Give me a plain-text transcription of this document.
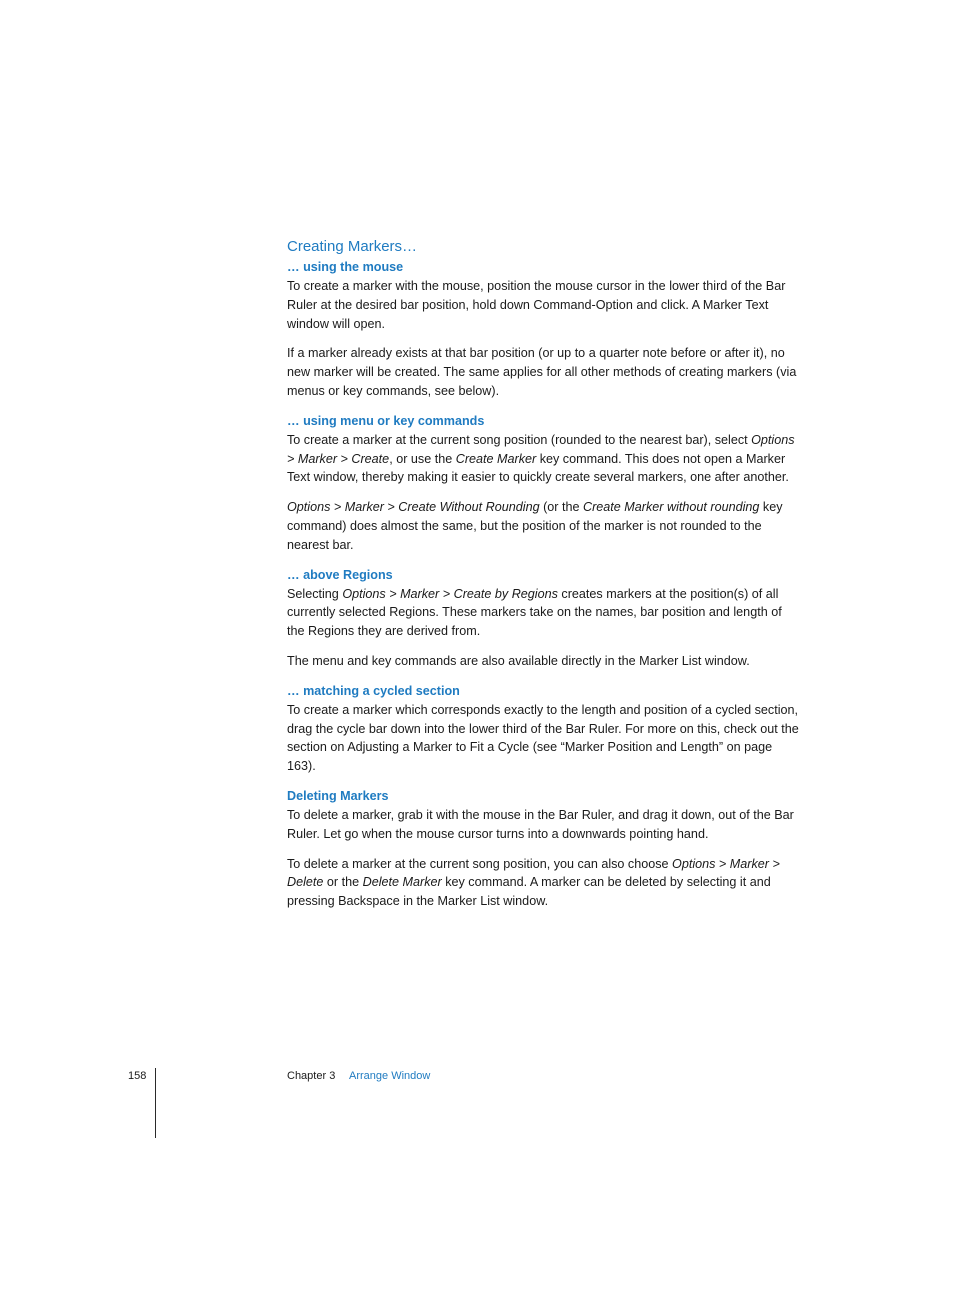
Creating Markers…
… using the mouse

To create a marker with the mouse, position the mouse cursor in the lower third of the Bar Ruler at the desired bar position, hold down Command-Option and click. A Marker Text window will open.

If a marker already exists at that bar position (or up to a quarter note before or after it), no new marker will be created. The same applies for all other methods of creating markers (via menus or key commands, see below).

… using menu or key commands

To create a marker at the current song position (rounded to the nearest bar), select Options > Marker > Create, or use the Create Marker key command. This does not open a Marker Text window, thereby making it easier to quickly create several markers, one after another.

Options > Marker > Create Without Rounding (or the Create Marker without rounding key command) does almost the same, but the position of the marker is not rounded to the nearest bar.

… above Regions

Selecting Options > Marker > Create by Regions creates markers at the position(s) of all currently selected Regions. These markers take on the names, bar position and length of the Regions they are derived from.

The menu and key commands are also available directly in the Marker List window.

… matching a cycled section

To create a marker which corresponds exactly to the length and position of a cycled section, drag the cycle bar down into the lower third of the Bar Ruler. For more on this, check out the section on Adjusting a Marker to Fit a Cycle (see “Marker Position and Length” on page 163).

Deleting Markers

To delete a marker, grab it with the mouse in the Bar Ruler, and drag it down, out of the Bar Ruler. Let go when the mouse cursor turns into a downwards pointing hand.

To delete a marker at the current song position, you can also choose Options > Marker > Delete or the Delete Marker key command. A marker can be deleted by selecting it and pressing Backspace in the Marker List window.

158	Chapter 3 Arrange Window
